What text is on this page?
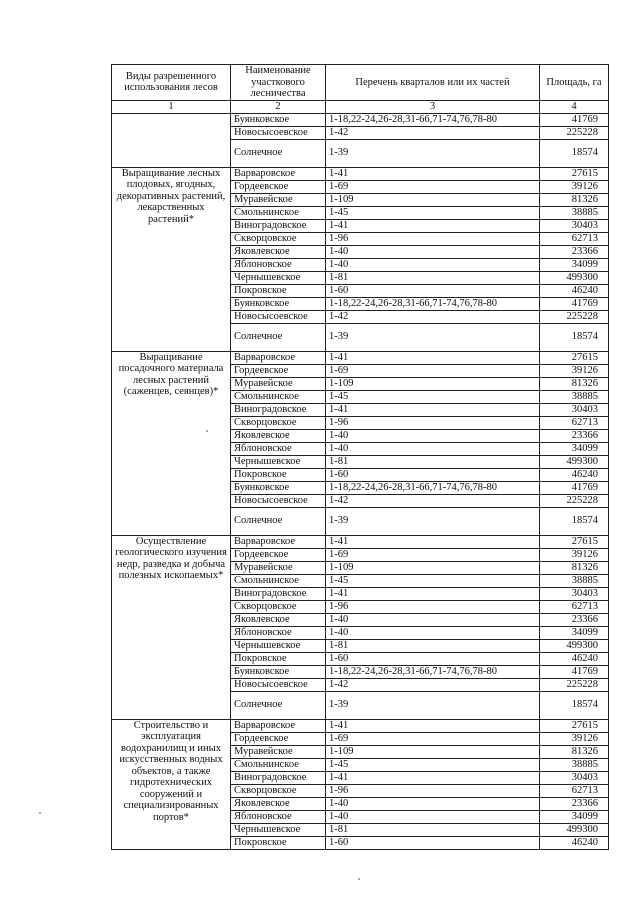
Виды разрешенного использования лесов	Наименование участкового лесничества	Перечень кварталов или их частей	Площадь, га
1	2	3	4
	Буянковское	1-18,22-24,26-28,31-66,71-74,76,78-80	41769
	Новосысоевское	1-42	225228
	Солнечное	1-39	18574
Выращивание лесных плодовых, ягодных, декоративных растений, лекарственных растений*	Варваровское	1-41	27615
	Гордеевское	1-69	39126
	Муравейское	1-109	81326
	Смольнинское	1-45	38885
	Виноградовское	1-41	30403
	Скворцовское	1-96	62713
	Яковлевское	1-40	23366
	Яблоновское	1-40	34099
	Чернышевское	1-81	499300
	Покровское	1-60	46240
	Буянковское	1-18,22-24,26-28,31-66,71-74,76,78-80	41769
	Новосысоевское	1-42	225228
	Солнечное	1-39	18574
Выращивание посадочного материала лесных растений (саженцев, сеянцев)*	Варваровское	1-41	27615
	Гордеевское	1-69	39126
	Муравейское	1-109	81326
	Смольнинское	1-45	38885
	Виноградовское	1-41	30403
	Скворцовское	1-96	62713
	Яковлевское	1-40	23366
	Яблоновское	1-40	34099
	Чернышевское	1-81	499300
	Покровское	1-60	46240
	Буянковское	1-18,22-24,26-28,31-66,71-74,76,78-80	41769
	Новосысоевское	1-42	225228
	Солнечное	1-39	18574
Осуществление геологического изучения недр, разведка и добыча полезных ископаемых*	Варваровское	1-41	27615
	Гордеевское	1-69	39126
	Муравейское	1-109	81326
	Смольнинское	1-45	38885
	Виноградовское	1-41	30403
	Скворцовское	1-96	62713
	Яковлевское	1-40	23366
	Яблоновское	1-40	34099
	Чернышевское	1-81	499300
	Покровское	1-60	46240
	Буянковское	1-18,22-24,26-28,31-66,71-74,76,78-80	41769
	Новосысоевское	1-42	225228
	Солнечное	1-39	18574
Строительство и эксплуатация водохранилищ и иных искусственных водных объектов, а также гидротехнических сооружений и специализированных портов*	Варваровское	1-41	27615
	Гордеевское	1-69	39126
	Муравейское	1-109	81326
	Смольнинское	1-45	38885
	Виноградовское	1-41	30403
	Скворцовское	1-96	62713
	Яковлевское	1-40	23366
	Яблоновское	1-40	34099
	Чернышевское	1-81	499300
	Покровское	1-60	46240
